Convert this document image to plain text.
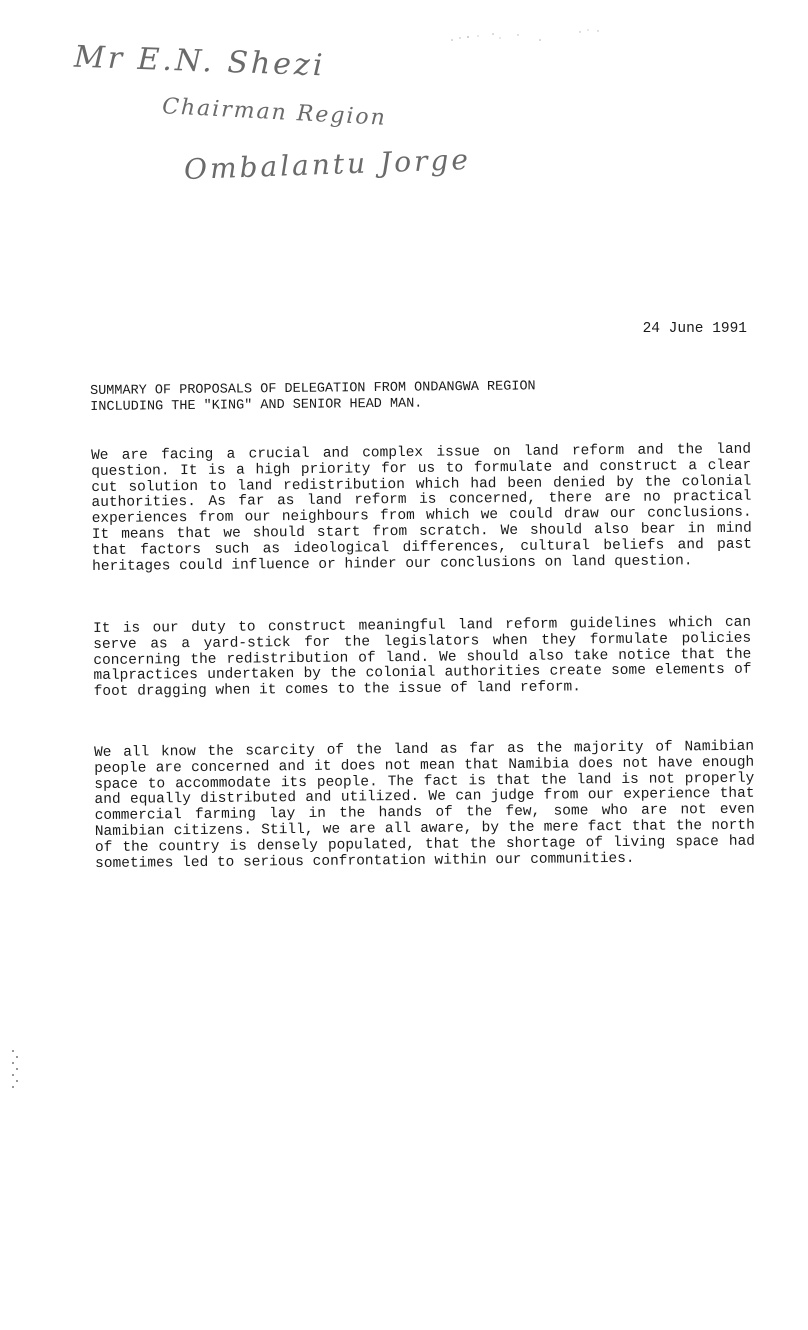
Mr E.N. Shezi
Chairman Region
Ombalantu Jorge
24 June 1991
SUMMARY OF PROPOSALS OF DELEGATION FROM ONDANGWA REGION
INCLUDING THE "KING" AND SENIOR HEAD MAN.
We are facing a crucial and complex issue on land reform and the land question. It is a high priority for us to formulate and construct a clear cut solution to land redistribution which had been denied by the colonial authorities. As far as land reform is concerned, there are no practical experiences from our neighbours from which we could draw our conclusions. It means that we should start from scratch. We should also bear in mind that factors such as ideological differences, cultural beliefs and past heritages could influence or hinder our conclusions on land question.
It is our duty to construct meaningful land reform guidelines which can serve as a yard-stick for the legislators when they formulate policies concerning the redistribution of land. We should also take notice that the malpractices undertaken by the colonial authorities create some elements of foot dragging when it comes to the issue of land reform.
We all know the scarcity of the land as far as the majority of Namibian people are concerned and it does not mean that Namibia does not have enough space to accommodate its people. The fact is that the land is not properly and equally distributed and utilized. We can judge from our experience that commercial farming lay in the hands of the few, some who are not even Namibian citizens. Still, we are all aware, by the mere fact that the north of the country is densely populated, that the shortage of living space had sometimes led to serious confrontation within our communities.
